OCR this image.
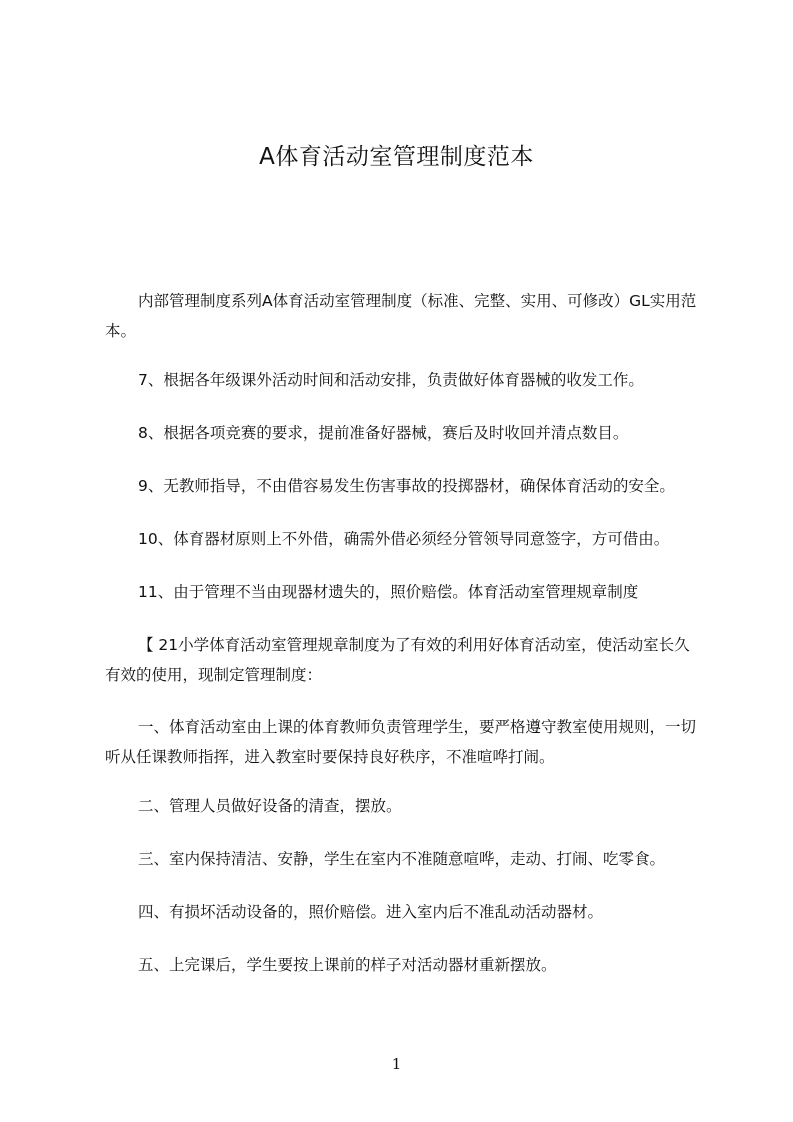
A体育活动室管理制度范本

内部管理制度系列A体育活动室管理制度（标准、完整、实用、可修改）GL实用范本。

7、根据各年级课外活动时间和活动安排，负责做好体育器械的收发工作。

8、根据各项竞赛的要求，提前准备好器械，赛后及时收回并清点数目。

9、无教师指导，不由借容易发生伤害事故的投掷器材，确保体育活动的安全。

10、体育器材原则上不外借，确需外借必须经分管领导同意签字，方可借由。

11、由于管理不当由现器材遗失的，照价赔偿。体育活动室管理规章制度

【 21小学体育活动室管理规章制度为了有效的利用好体育活动室，使活动室长久有效的使用，现制定管理制度：

一、体育活动室由上课的体育教师负责管理学生，要严格遵守教室使用规则，一切听从任课教师指挥，进入教室时要保持良好秩序，不准喧哗打闹。

二、管理人员做好设备的清查，摆放。

三、室内保持清洁、安静，学生在室内不准随意喧哗，走动、打闹、吃零食。

四、有损坏活动设备的，照价赔偿。进入室内后不准乱动活动器材。

五、上完课后，学生要按上课前的样子对活动器材重新摆放。

1
